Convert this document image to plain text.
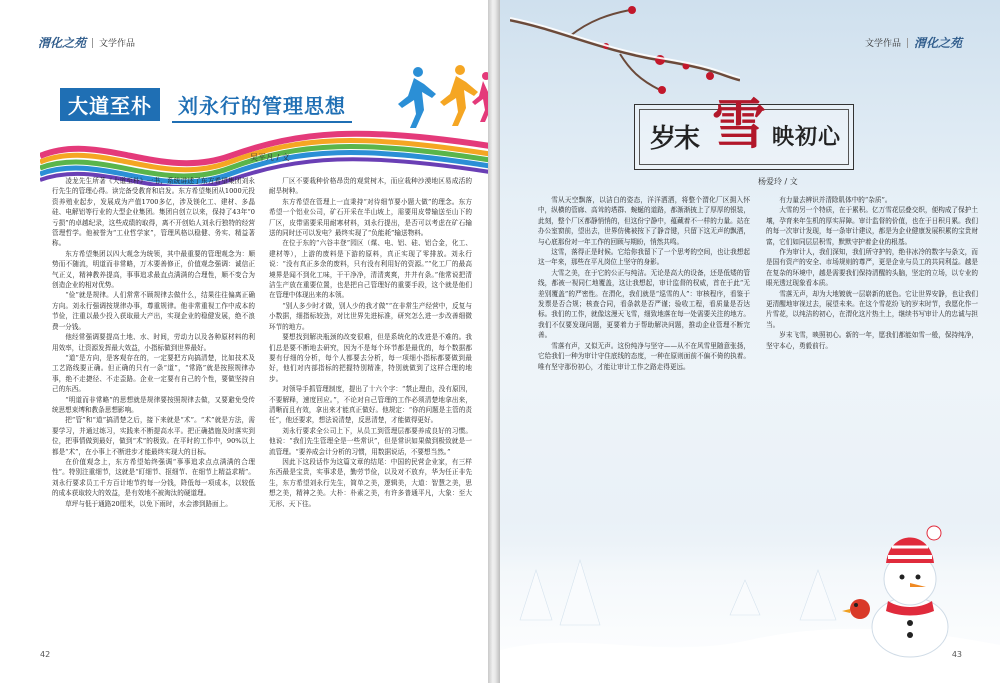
渭化之苑 文学作品
大道至朴	刘永行的管理思想
吴平凡 / 文

凌龙先生所著《大道至朴》一书，系统讲述了东方希望集团刘永行先生的管理心得。读完备受教育和启发。东方希望集团从1000元投资养殖业起步，发展成为产值1700多亿，涉及镁化工、建材、多晶硅、电解铝等行业的大型企业集团。集团自创立以来，保持了43年“0亏损”的卓越纪录，这些成绩的取得，离不开创始人刘永行独特的经营管理哲学。他被誉为“工业哲学家”，管理风格以稳健、务实、精益著称。

东方希望集团以四大观念为统领，其中最重要的管理观念为：顺势而不随流，明道而非常略，万木要善修正，价值观念强调：诚信正气正义，精神教养提高，事事追求最直点满满的合理性，顺不变合为创造企业的相对优势。

“俭”就是规律。人们常常不顾规律去做什么，结果往往偏离正确方向。刘永行强调按规律办事，尊重规律。他非常重视工作中成本的节俭，注重以最少投入获取最大产出，实现企业的稳健发展，绝不浪费一分钱。

他经常强调要提高土地、水、时间，劳动力以及各种原材料的利用效率，让资源发挥最大效益，小指标做到世界最好。

“道”是方向，是客观存在的，一定要把方向搞清楚，比如技术及工艺路线要正确。但正确的只有一条“道”，“常路”就是按照规律办事，绝不走捷径、不走歪路。企业一定要有自己的个性，要做坚持自己的东西。

“明道而非常略”的思想就是规律要按照规律去做，又要避免受传统思想束缚和教条思想影响。

把“管”和“道”搞清楚之后，接下来就是“术”。“术”就是方法，需要学习，并通过练习，实践来不断提高水平。把正确措施及时落实到位，把事情做到最好，做到“术”的极致。在平时的工作中，90%以上都是“术”，在小事上不断进步才能最终实现大的目标。

在价值观念上，东方希望始终强调“事事追求点点满满的合理性”。特别注重细节，这就是“盯细节、抠细节、在细节上精益求精”。刘永行要求员工千方百计地节约每一分钱，降低每一项成本，以较低的成本获取较大的效益，是有效地不被淘汰的硬道理。

草坪与低于通路20厘米，以免下雨时，水会渗到路面上。

厂区不要栽种价格昂贵的观赏树木，而应栽种沙漠地区易成活的耐旱树种。

东方希望在管理上一直秉持“对待细节要小题大做”的理念。东方希望一个铝业公司，矿石开采在半山坡上，需要用皮带输送至山下的厂区，皮带需要采用耐寒材料，刘永行提出，是否可以考虑在矿石输送的同时还可以发电？最终实现了“负能耗”输送物料。

在位于东的“六谷丰登”园区（煤、电、铝、硅、铝合金，化工、建材等），上游的废料是下游的原料，真正实现了零排放。刘永行说：“没有真正多余的废料，只有没有利用好的资源。”“化工厂的最高境界是闻不到化工味，干干净净，清清爽爽，井井有条。”他常说把清洁生产放在重要位置，也是把自己管理好的重要手段，这个就是他们在管理中体现出来的本领。

“别人多少时才做，别人少的我才做”“在非常生产经营中，反复与小数据，细指标较劲，对比世界先进标准，研究怎么进一步改善细微环节的地方。

要想找到解决瓶颈的改变很难，但是系统化的改进是不难的。我们总是要不断地去研究，因为不是每个环节都是最优的，每个数据都要有仔细的分析，每个人都要去分析，每一项细小指标都要做到最好，他们对内部指标的把握特别精准，特别就做到了这样合理的地步。

对领导手抓管理制度，提出了十六个字：“禁止理由，没有原因，不要解释，速度回应。”，不论对自己管理的工作必须清楚地拿出来，清晰而且有效，拿出来才能真正做好。他规定：“你的问题是主管的责任”，他还要求，想法说清楚，反思清楚，才能做得更好。

刘永行要求全公司上下，从员工到管理层都要养成良好的习惯。他说：“我们先生管理全是一些常识”，但是常识如果做到极致就是一流管理。“要养成会计分析的习惯，用数据说话，不要想当然。”

因此下这段话作为这篇文章的结尾：中国的民营企业家，有三样东西最是宝贵，实事求是，勤劳节俭，以及对不放弃，华为任正非先生，东方希望刘永行先生，简单之美，逻辑美，大道：智慧之美，思想之美，精神之美。大朴：朴素之美，有许多普通平凡，大象：至大无形、天下往。

42
文学作品 渭化之苑
岁末 雪 映初心
杨爱玲 / 文

雪从天空飘落，以洁白的姿态，洋洋洒洒，将整个渭化厂区拥入怀中，纵横的管廊、高耸的塔群、蜿蜒的道路，都渐渐披上了厚厚的银装，此刻，整个厂区都静悄悄的，但这份宁静中，蕴藏着不一样的力量。站在办公室窗前，望出去，世界仿佛被按下了静音键，只留下这无声的飘洒，与心底那份对一年工作的回顾与期盼，悄然共鸣。

这雪，落得正是时候。它给你我留下了一个思考的空间，也让我想起这一年来，那些在平凡岗位上坚守的身影。

大雪之美，在于它的公正与纯洁。无论是高大的设备，还是低矮的管线，都被一视同仁地覆盖，这让我想起，审计监督的权威，首在于此“无差别覆盖”的严密性。在渭化，我们就是“巡雪的人”：审核程序，看鉴于发票是否合规；核查合同，看条款是否严谨；验收工程，看质量是否达标。我们的工作，就像这漫天飞雪，细致地落在每一处需要关注的地方。我们不仅要发现问题，更要着力于帮助解决问题，推动企业管理不断完善。

雪落有声，又似无声。这份纯净与坚守——从不在风雪里随意张扬，它给我们一种为审计守住底线的态度，一种在原则面前不偏不倚的执着。唯有坚守那份初心，才能让审计工作之路走得更远。

有力量去辨识并清除肌体中的“杂质”。

大雪的另一个特质，在于累积。亿万雪花层叠交织，便构成了保护土壤，孕育来年生机的厚实屏障。审计监督的价值，也在于日积月累。我们的每一次审计发现，每一条审计建议，都是为企业健康发展积累的宝贵财富，它们如同层层积雪，默默守护着企业的根基。

作为审计人，我们深知，我们所守护的，绝非冰冷的数字与条文，而是国有资产的安全、市场规则的尊严，更是企业与员工的共同利益。越是在复杂的环境中，越是需要我们保持清醒的头脑，坚定的立场，以专业的眼光透过现象看本质。

雪落无声，却为大地镀就一层崭新的底色。它让世界安静，也让我们更清醒地审视过去，展望未来。在这个雪花纷飞的岁末时节，我愿化作一片雪花，以纯洁的初心，在渭化这片热土上，继续书写审计人的忠诚与担当。

岁末飞雪，映照初心。新的一年，愿我们都能如雪一般，保持纯净，坚守本心，勇毅前行。

43
